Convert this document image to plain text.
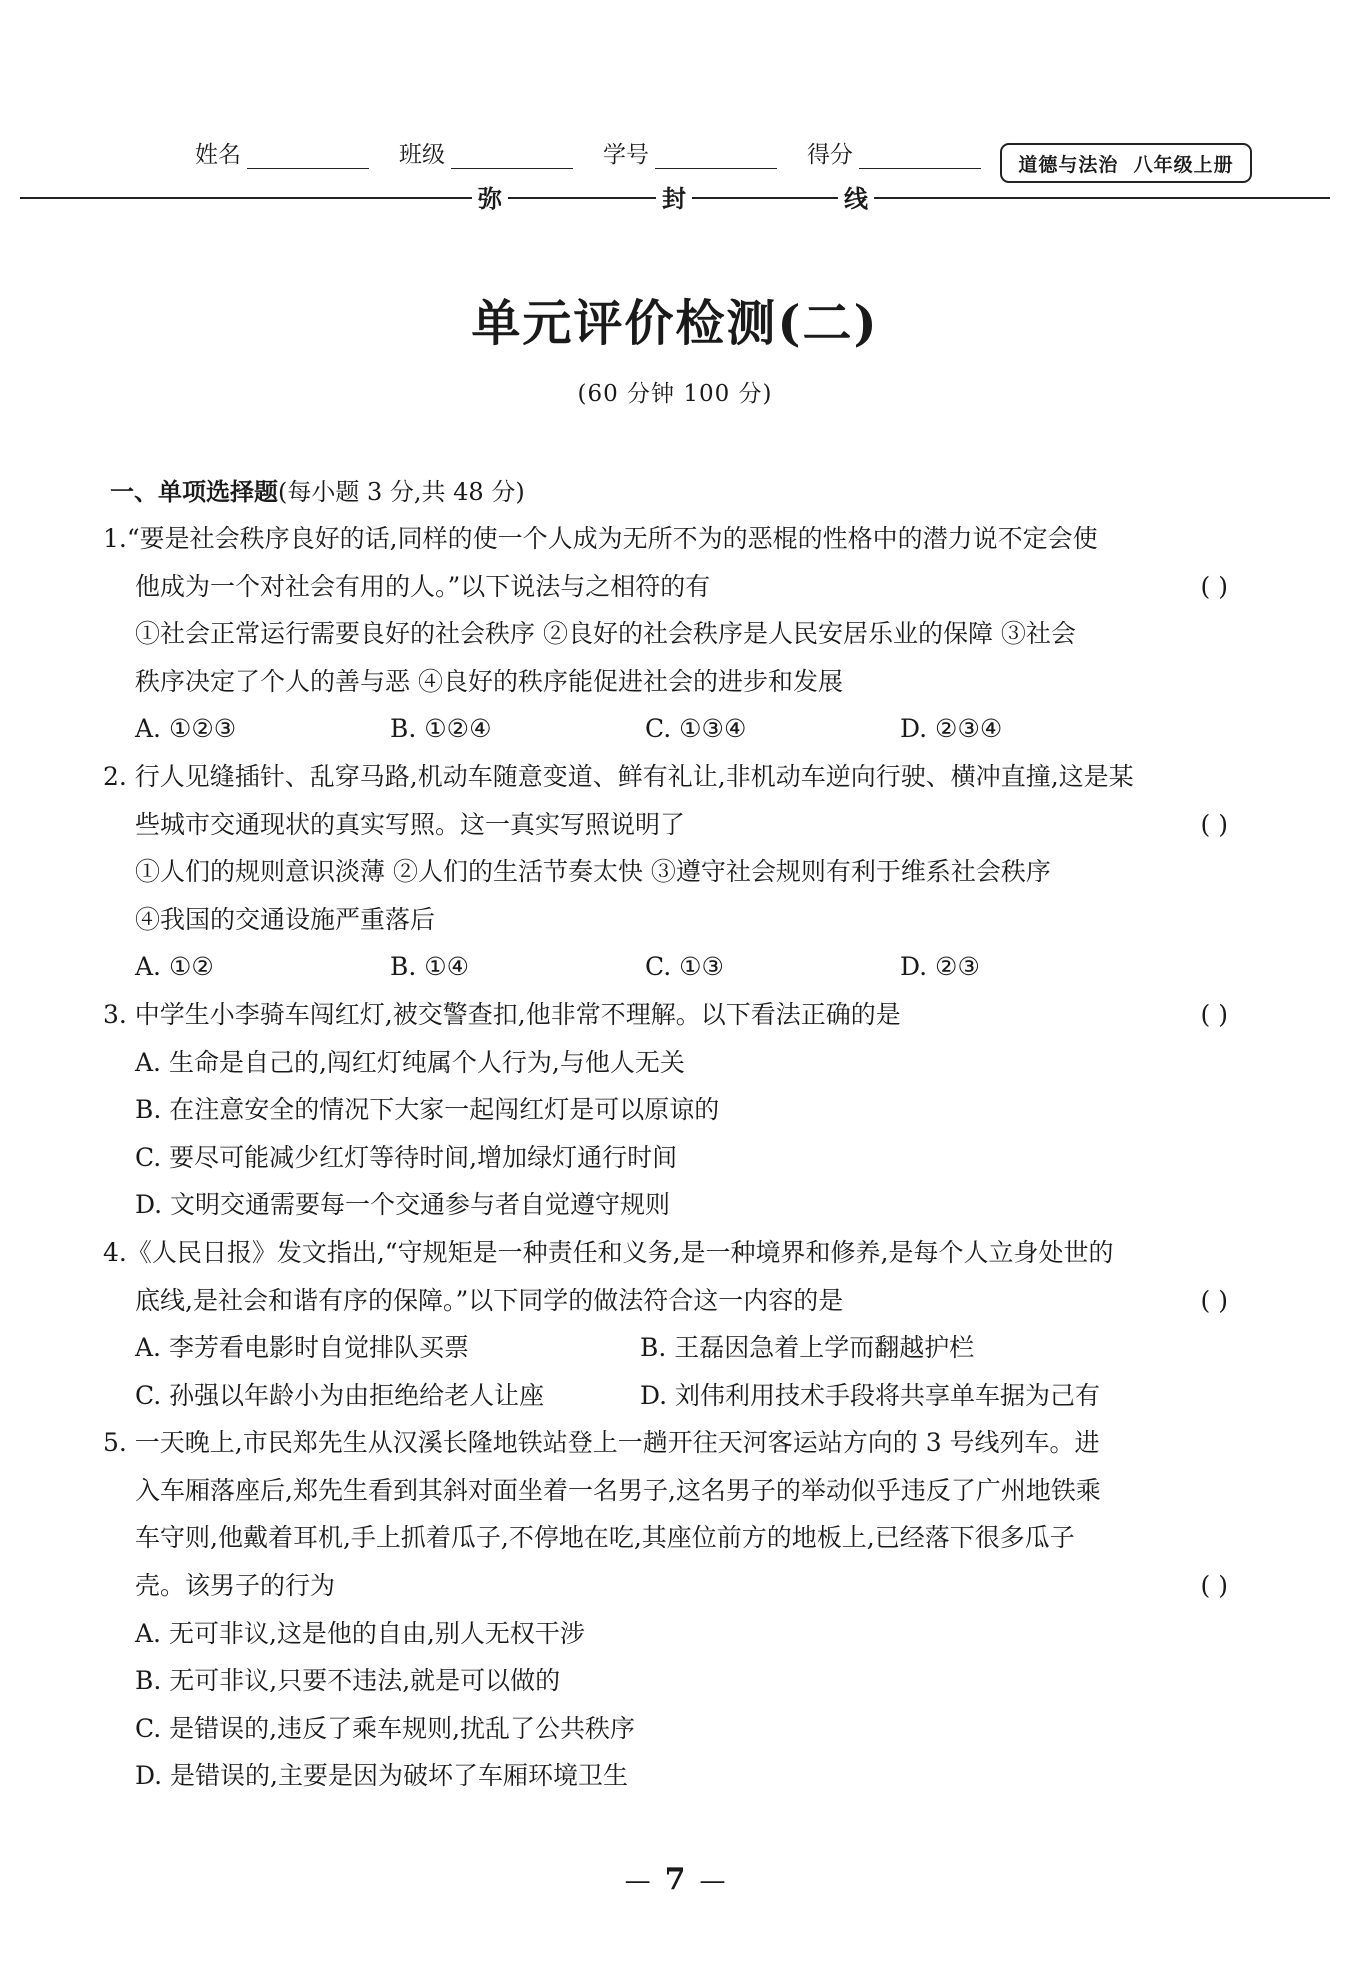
姓名	班级	学号	得分	道德与法治  八年级上册
弥	封	线
单元评价检测(二)
(60 分钟 100 分)
一、单项选择题(每小题 3 分,共 48 分)
1.“要是社会秩序良好的话,同样的使一个人成为无所不为的恶棍的性格中的潜力说不定会使
他成为一个对社会有用的人。”以下说法与之相符的有	( )
①社会正常运行需要良好的社会秩序 ②良好的社会秩序是人民安居乐业的保障 ③社会
秩序决定了个人的善与恶 ④良好的秩序能促进社会的进步和发展
A. ①②③	B. ①②④	C. ①③④	D. ②③④
2. 行人见缝插针、乱穿马路,机动车随意变道、鲜有礼让,非机动车逆向行驶、横冲直撞,这是某
些城市交通现状的真实写照。这一真实写照说明了	( )
①人们的规则意识淡薄 ②人们的生活节奏太快 ③遵守社会规则有利于维系社会秩序
④我国的交通设施严重落后
A. ①②	B. ①④	C. ①③	D. ②③
3. 中学生小李骑车闯红灯,被交警查扣,他非常不理解。以下看法正确的是	( )
A. 生命是自己的,闯红灯纯属个人行为,与他人无关
B. 在注意安全的情况下大家一起闯红灯是可以原谅的
C. 要尽可能减少红灯等待时间,增加绿灯通行时间
D. 文明交通需要每一个交通参与者自觉遵守规则
4.《人民日报》发文指出,“守规矩是一种责任和义务,是一种境界和修养,是每个人立身处世的
底线,是社会和谐有序的保障。”以下同学的做法符合这一内容的是	( )
A. 李芳看电影时自觉排队买票	B. 王磊因急着上学而翻越护栏
C. 孙强以年龄小为由拒绝给老人让座	D. 刘伟利用技术手段将共享单车据为己有
5. 一天晚上,市民郑先生从汉溪长隆地铁站登上一趟开往天河客运站方向的 3 号线列车。进
入车厢落座后,郑先生看到其斜对面坐着一名男子,这名男子的举动似乎违反了广州地铁乘
车守则,他戴着耳机,手上抓着瓜子,不停地在吃,其座位前方的地板上,已经落下很多瓜子
壳。该男子的行为	( )
A. 无可非议,这是他的自由,别人无权干涉
B. 无可非议,只要不违法,就是可以做的
C. 是错误的,违反了乘车规则,扰乱了公共秩序
D. 是错误的,主要是因为破坏了车厢环境卫生
— 7 —
